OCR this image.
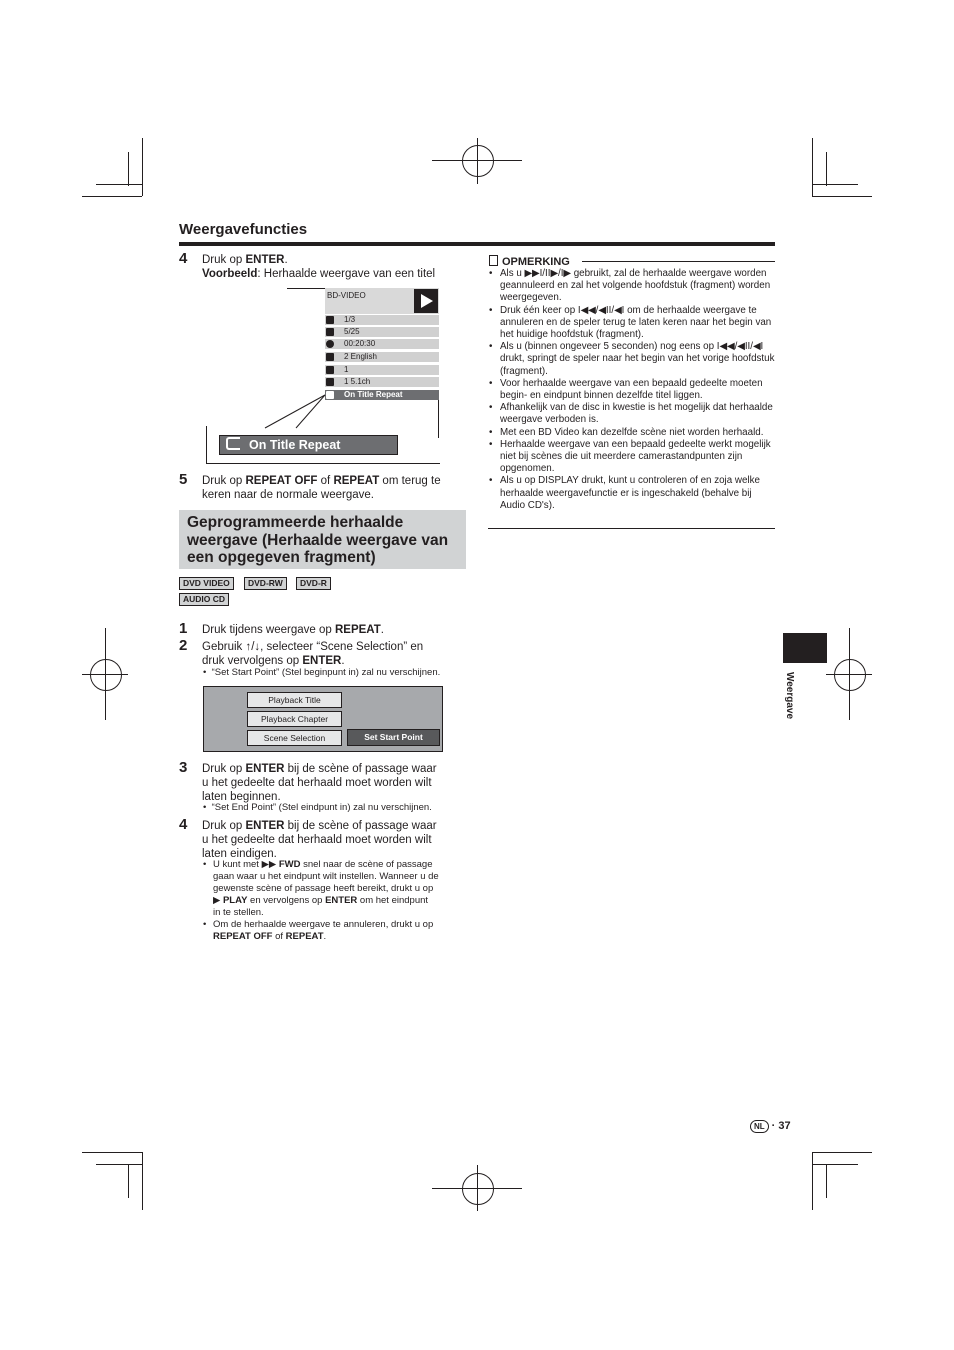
Weergavefuncties
4 Druk op ENTER.
Voorbeeld: Herhaalde weergave van een titel
BD-VIDEO
1/3
5/25
00:20:30
2 English
1
1 5.1ch
On Title Repeat
On Title Repeat
5 Druk op REPEAT OFF of REPEAT om terug te
keren naar de normale weergave.
Geprogrammeerde herhaalde weergave (Herhaalde weergave van een opgegeven fragment)
DVD VIDEO	DVD-RW	DVD-R
AUDIO CD
1 Druk tijdens weergave op REPEAT.
2 Gebruik ↑/↓, selecteer “Scene Selection” en
druk vervolgens op ENTER.
•  “Set Start Point” (Stel beginpunt in) zal nu verschijnen.
Playback Title
Playback Chapter
Scene Selection	Set Start Point
3 Druk op ENTER bij de scène of passage waar
u het gedeelte dat herhaald moet worden wilt
laten beginnen.
•  “Set End Point” (Stel eindpunt in) zal nu verschijnen.
4 Druk op ENTER bij de scène of passage waar
u het gedeelte dat herhaald moet worden wilt
laten eindigen.
• U kunt met ▶▶ FWD snel naar de scène of passage
gaan waar u het eindpunt wilt instellen. Wanneer u de
gewenste scène of passage heeft bereikt, drukt u op
▶ PLAY en vervolgens op ENTER om het eindpunt
in te stellen.
• Om de herhaalde weergave te annuleren, drukt u op
REPEAT OFF of REPEAT.
OPMERKING
• Als u ▶▶I/II▶/I▶ gebruikt, zal de herhaalde weergave worden geannuleerd en zal het volgende hoofdstuk (fragment) worden weergegeven.
• Druk één keer op I◀◀/◀II/◀I om de herhaalde weergave te annuleren en de speler terug te laten keren naar het begin van het huidige hoofdstuk (fragment).
• Als u (binnen ongeveer 5 seconden) nog eens op I◀◀/◀II/◀I drukt, springt de speler naar het begin van het vorige hoofdstuk (fragment).
• Voor herhaalde weergave van een bepaald gedeelte moeten begin- en eindpunt binnen dezelfde titel liggen.
• Afhankelijk van de disc in kwestie is het mogelijk dat herhaalde weergave verboden is.
• Met een BD Video kan dezelfde scène niet worden herhaald.
• Herhaalde weergave van een bepaald gedeelte werkt mogelijk niet bij scènes die uit meerdere camerastandpunten zijn opgenomen.
• Als u op DISPLAY drukt, kunt u controleren of en zoja welke herhaalde weergavefunctie er is ingeschakeld (behalve bij Audio CD's).
Weergave
NL · 37
